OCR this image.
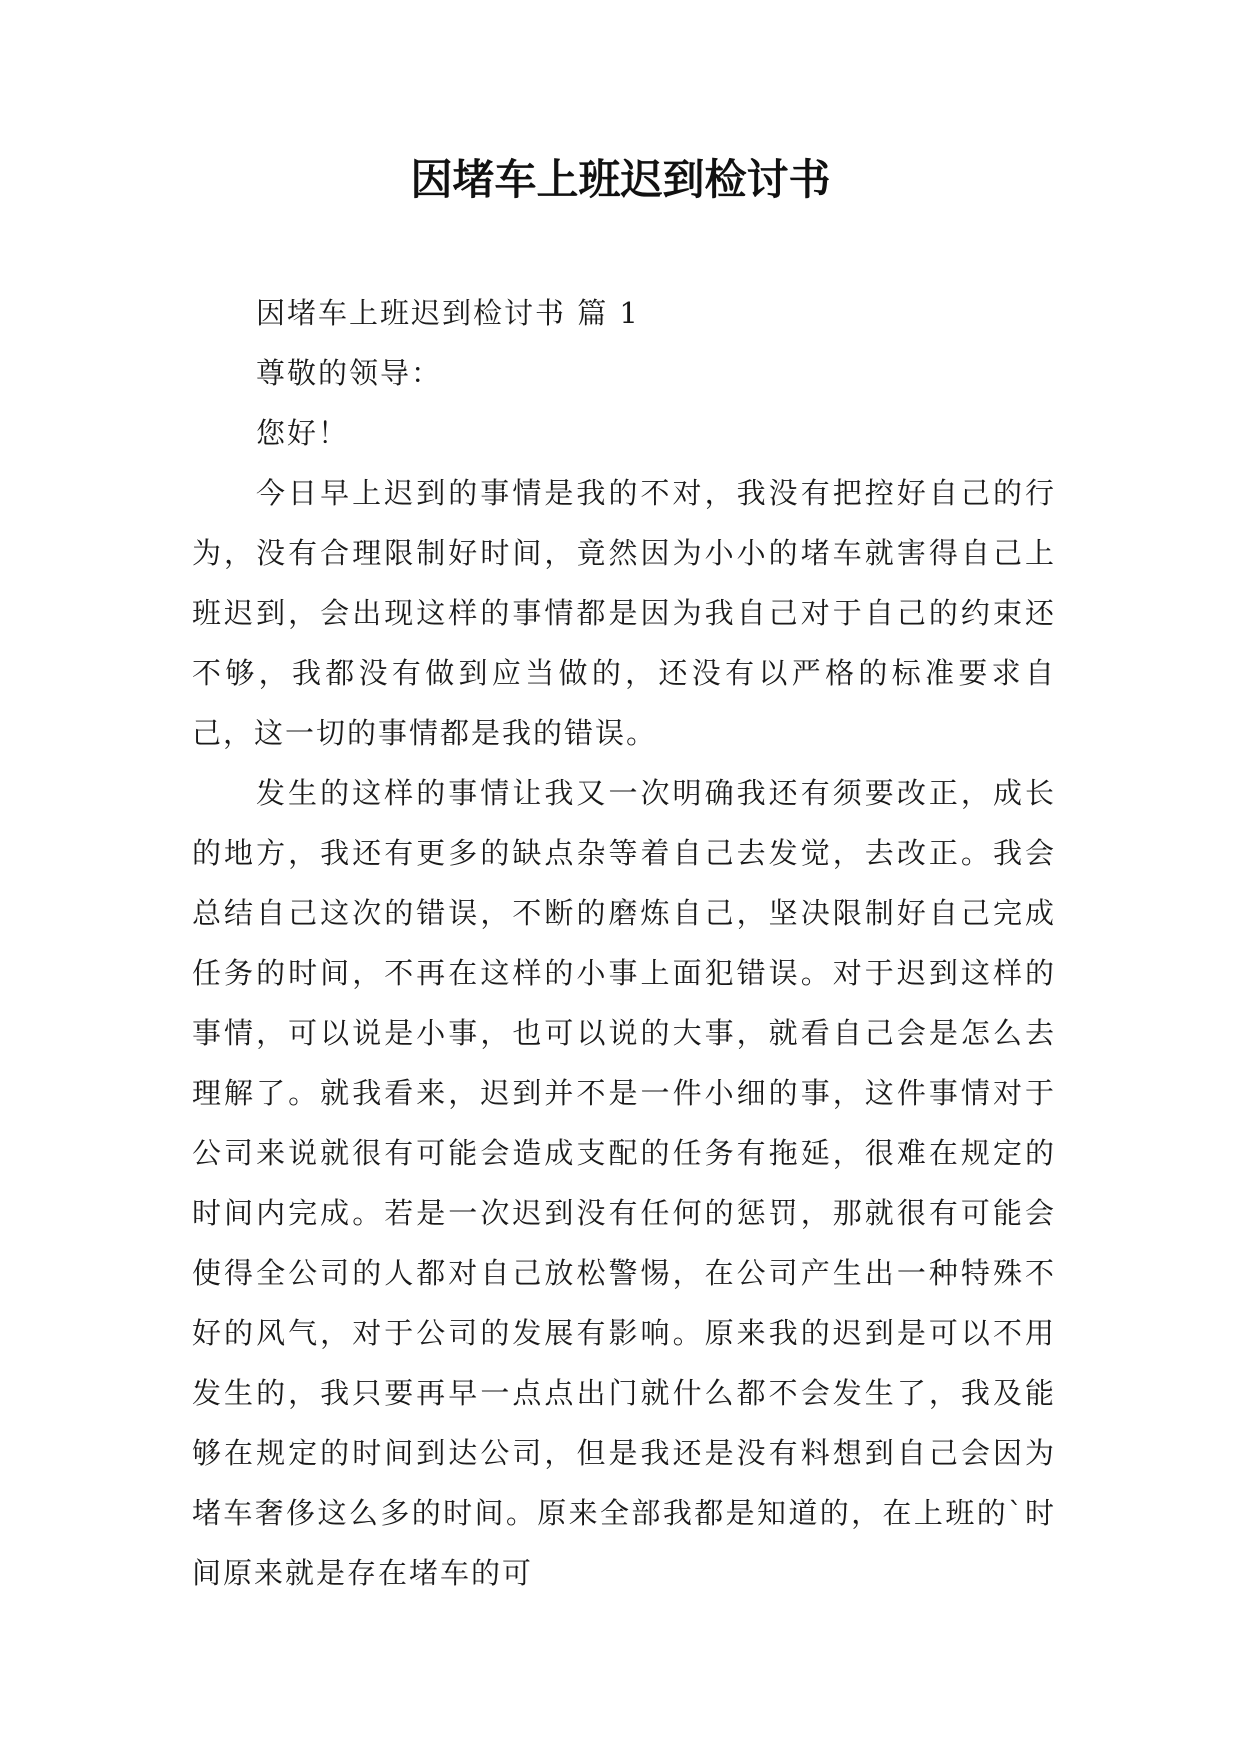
因堵车上班迟到检讨书

因堵车上班迟到检讨书 篇 1

尊敬的领导：

您好！

今日早上迟到的事情是我的不对，我没有把控好自己的行为，没有合理限制好时间，竟然因为小小的堵车就害得自己上班迟到，会出现这样的事情都是因为我自己对于自己的约束还不够，我都没有做到应当做的，还没有以严格的标准要求自己，这一切的事情都是我的错误。

发生的这样的事情让我又一次明确我还有须要改正，成长的地方，我还有更多的缺点杂等着自己去发觉，去改正。我会总结自己这次的错误，不断的磨炼自己，坚决限制好自己完成任务的时间，不再在这样的小事上面犯错误。对于迟到这样的事情，可以说是小事，也可以说的大事，就看自己会是怎么去理解了。就我看来，迟到并不是一件小细的事，这件事情对于公司来说就很有可能会造成支配的任务有拖延，很难在规定的时间内完成。若是一次迟到没有任何的惩罚，那就很有可能会使得全公司的人都对自己放松警惕，在公司产生出一种特殊不好的风气，对于公司的发展有影响。原来我的迟到是可以不用发生的，我只要再早一点点出门就什么都不会发生了，我及能够在规定的时间到达公司，但是我还是没有料想到自己会因为堵车奢侈这么多的时间。原来全部我都是知道的，在上班的`时间原来就是存在堵车的可
